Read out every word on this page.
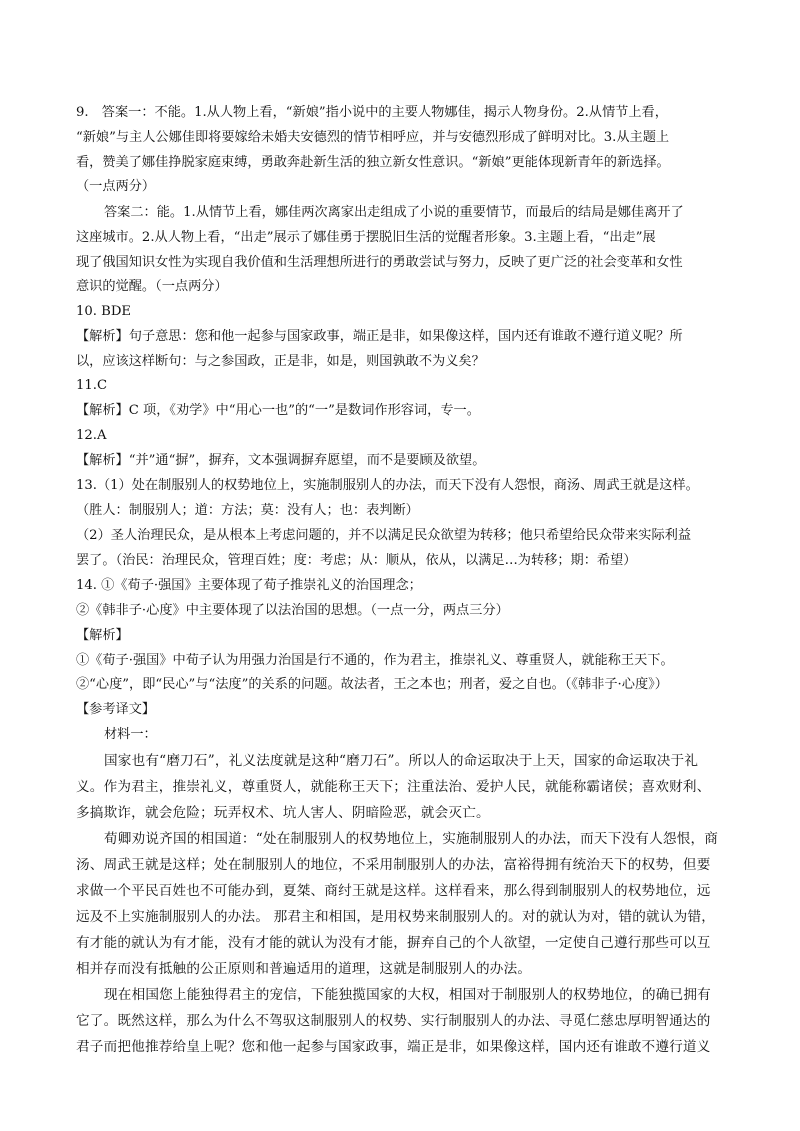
9.　答案一：不能。1.从人物上看，“新娘”指小说中的主要人物娜佳，揭示人物身份。2.从情节上看，
“新娘”与主人公娜佳即将要嫁给未婚夫安德烈的情节相呼应，并与安德烈形成了鲜明对比。3.从主题上
看，赞美了娜佳挣脱家庭束缚，勇敢奔赴新生活的独立新女性意识。“新娘”更能体现新青年的新选择。
（一点两分）
答案二：能。1.从情节上看，娜佳两次离家出走组成了小说的重要情节，而最后的结局是娜佳离开了
这座城市。2.从人物上看，“出走”展示了娜佳勇于摆脱旧生活的觉醒者形象。3.主题上看，“出走”展
现了俄国知识女性为实现自我价值和生活理想所进行的勇敢尝试与努力，反映了更广泛的社会变革和女性
意识的觉醒。（一点两分）
10. BDE
【解析】句子意思：您和他一起参与国家政事，端正是非，如果像这样，国内还有谁敢不遵行道义呢？所
以，应该这样断句：与之参国政，正是非，如是，则国孰敢不为义矣？
11.C
【解析】C 项，《劝学》中“用心一也”的“一”是数词作形容词，专一。
12.A
【解析】“并”通“摒”，摒弃，文本强调摒弃愿望，而不是要顾及欲望。
13.（1）处在制服别人的权势地位上，实施制服别人的办法，而天下没有人怨恨，商汤、周武王就是这样。
（胜人：制服别人；道：方法；莫：没有人；也：表判断）
（2）圣人治理民众，是从根本上考虑问题的，并不以满足民众欲望为转移；他只希望给民众带来实际利益
罢了。（治民：治理民众，管理百姓；度：考虑；从：顺从，依从，以满足…为转移；期：希望）
14. ①《荀子·强国》主要体现了荀子推崇礼义的治国理念；
②《韩非子·心度》中主要体现了以法治国的思想。（一点一分，两点三分）
【解析】
①《荀子·强国》中荀子认为用强力治国是行不通的，作为君主，推崇礼义、尊重贤人，就能称王天下。
②“心度”，即“民心”与“法度”的关系的问题。故法者，王之本也；刑者，爱之自也。（《韩非子·心度》）
【参考译文】
材料一：
国家也有“磨刀石”，礼义法度就是这种“磨刀石”。所以人的命运取决于上天，国家的命运取决于礼
义。作为君主，推崇礼义，尊重贤人，就能称王天下；注重法治、爱护人民，就能称霸诸侯；喜欢财利、
多搞欺诈，就会危险；玩弄权术、坑人害人、阴暗险恶，就会灭亡。
荀卿劝说齐国的相国道：“处在制服别人的权势地位上，实施制服别人的办法，而天下没有人怨恨，商
汤、周武王就是这样；处在制服别人的地位，不采用制服别人的办法，富裕得拥有统治天下的权势，但要
求做一个平民百姓也不可能办到，夏桀、商纣王就是这样。这样看来，那么得到制服别人的权势地位，远
远及不上实施制服别人的办法。 那君主和相国，是用权势来制服别人的。对的就认为对，错的就认为错，
有才能的就认为有才能，没有才能的就认为没有才能，摒弃自己的个人欲望，一定使自己遵行那些可以互
相并存而没有抵触的公正原则和普遍适用的道理，这就是制服别人的办法。
现在相国您上能独得君主的宠信，下能独揽国家的大权，相国对于制服别人的权势地位，的确已拥有
它了。既然这样，那么为什么不驾驭这制服别人的权势、实行制服别人的办法、寻觅仁慈忠厚明智通达的
君子而把他推荐给皇上呢？您和他一起参与国家政事，端正是非，如果像这样，国内还有谁敢不遵行道义
